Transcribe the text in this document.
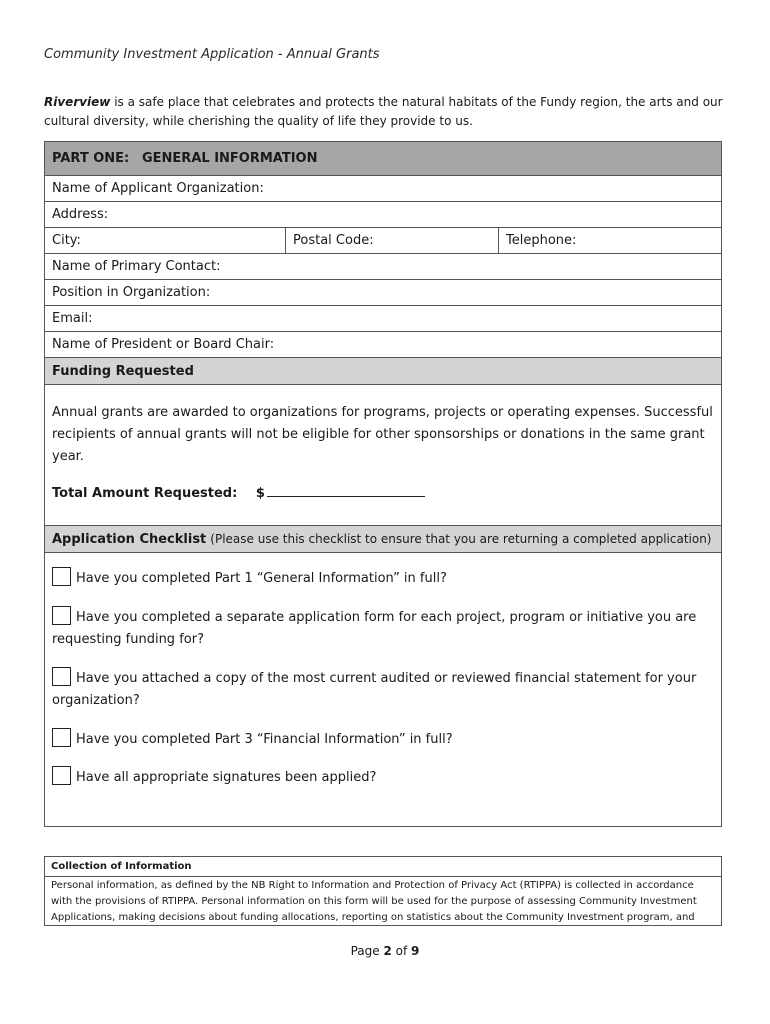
Community Investment Application - Annual Grants
Riverview is a safe place that celebrates and protects the natural habitats of the Fundy region, the arts and our cultural diversity, while cherishing the quality of life they provide to us.
PART ONE: GENERAL INFORMATION
Name of Applicant Organization:
Address:
City:	Postal Code:	Telephone:
Name of Primary Contact:
Position in Organization:
Email:
Name of President or Board Chair:
Funding Requested
Annual grants are awarded to organizations for programs, projects or operating expenses. Successful recipients of annual grants will not be eligible for other sponsorships or donations in the same grant year.
Total Amount Requested: $
Application Checklist (Please use this checklist to ensure that you are returning a completed application)
Have you completed Part 1 “General Information” in full?
Have you completed a separate application form for each project, program or initiative you are requesting funding for?
Have you attached a copy of the most current audited or reviewed financial statement for your organization?
Have you completed Part 3 “Financial Information” in full?
Have all appropriate signatures been applied?
Collection of Information
Personal information, as defined by the NB Right to Information and Protection of Privacy Act (RTIPPA) is collected in accordance with the provisions of RTIPPA. Personal information on this form will be used for the purpose of assessing Community Investment Applications, making decisions about funding allocations, reporting on statistics about the Community Investment program, and
Page 2 of 9
